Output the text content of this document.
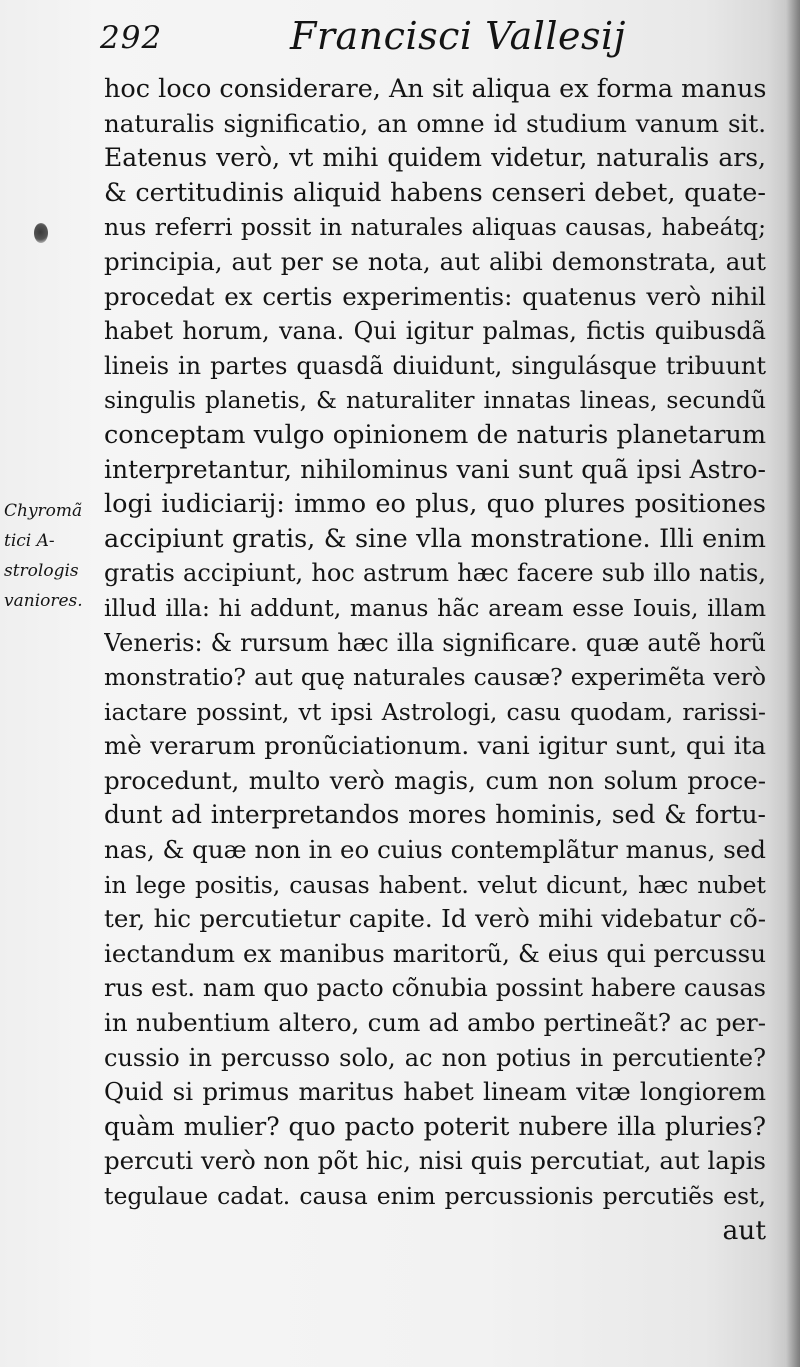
292	Francisci Vallesij
Chyromã
tici A-
strologis
vaniores.
hoc loco considerare, An sit aliqua ex forma manus
naturalis significatio, an omne id studium vanum sit.
Eatenus verò, vt mihi quidem videtur, naturalis ars,
& certitudinis aliquid habens censeri debet, quate-
nus referri possit in naturales aliquas causas, habeátq;
principia, aut per se nota, aut alibi demonstrata, aut
procedat ex certis experimentis: quatenus verò nihil
habet horum, vana. Qui igitur palmas, fictis quibusdã
lineis in partes quasdã diuidunt, singulásque tribuunt
singulis planetis, & naturaliter innatas lineas, secundũ
conceptam vulgo opinionem de naturis planetarum
interpretantur, nihilominus vani sunt quã ipsi Astro-
logi iudiciarij: immo eo plus, quo plures positiones
accipiunt gratis, & sine vlla monstratione. Illi enim
gratis accipiunt, hoc astrum hæc facere sub illo natis,
illud illa: hi addunt, manus hãc aream esse Iouis, illam
Veneris: & rursum hæc illa significare. quæ autẽ horũ
monstratio? aut quę naturales causæ? experimẽta verò
iactare possint, vt ipsi Astrologi, casu quodam, rarissi-
mè verarum pronũciationum. vani igitur sunt, qui ita
procedunt, multo verò magis, cum non solum proce-
dunt ad interpretandos mores hominis, sed & fortu-
nas, & quæ non in eo cuius contemplãtur manus, sed
in lege positis, causas habent. velut dicunt, hæc nubet
ter, hic percutietur capite. Id verò mihi videbatur cõ-
iectandum ex manibus maritorũ, & eius qui percussu
rus est. nam quo pacto cõnubia possint habere causas
in nubentium altero, cum ad ambo pertineãt? ac per-
cussio in percusso solo, ac non potius in percutiente?
Quid si primus maritus habet lineam vitæ longiorem
quàm mulier? quo pacto poterit nubere illa pluries?
percuti verò non põt hic, nisi quis percutiat, aut lapis
tegulaue cadat. causa enim percussionis percutiẽs est,
aut
